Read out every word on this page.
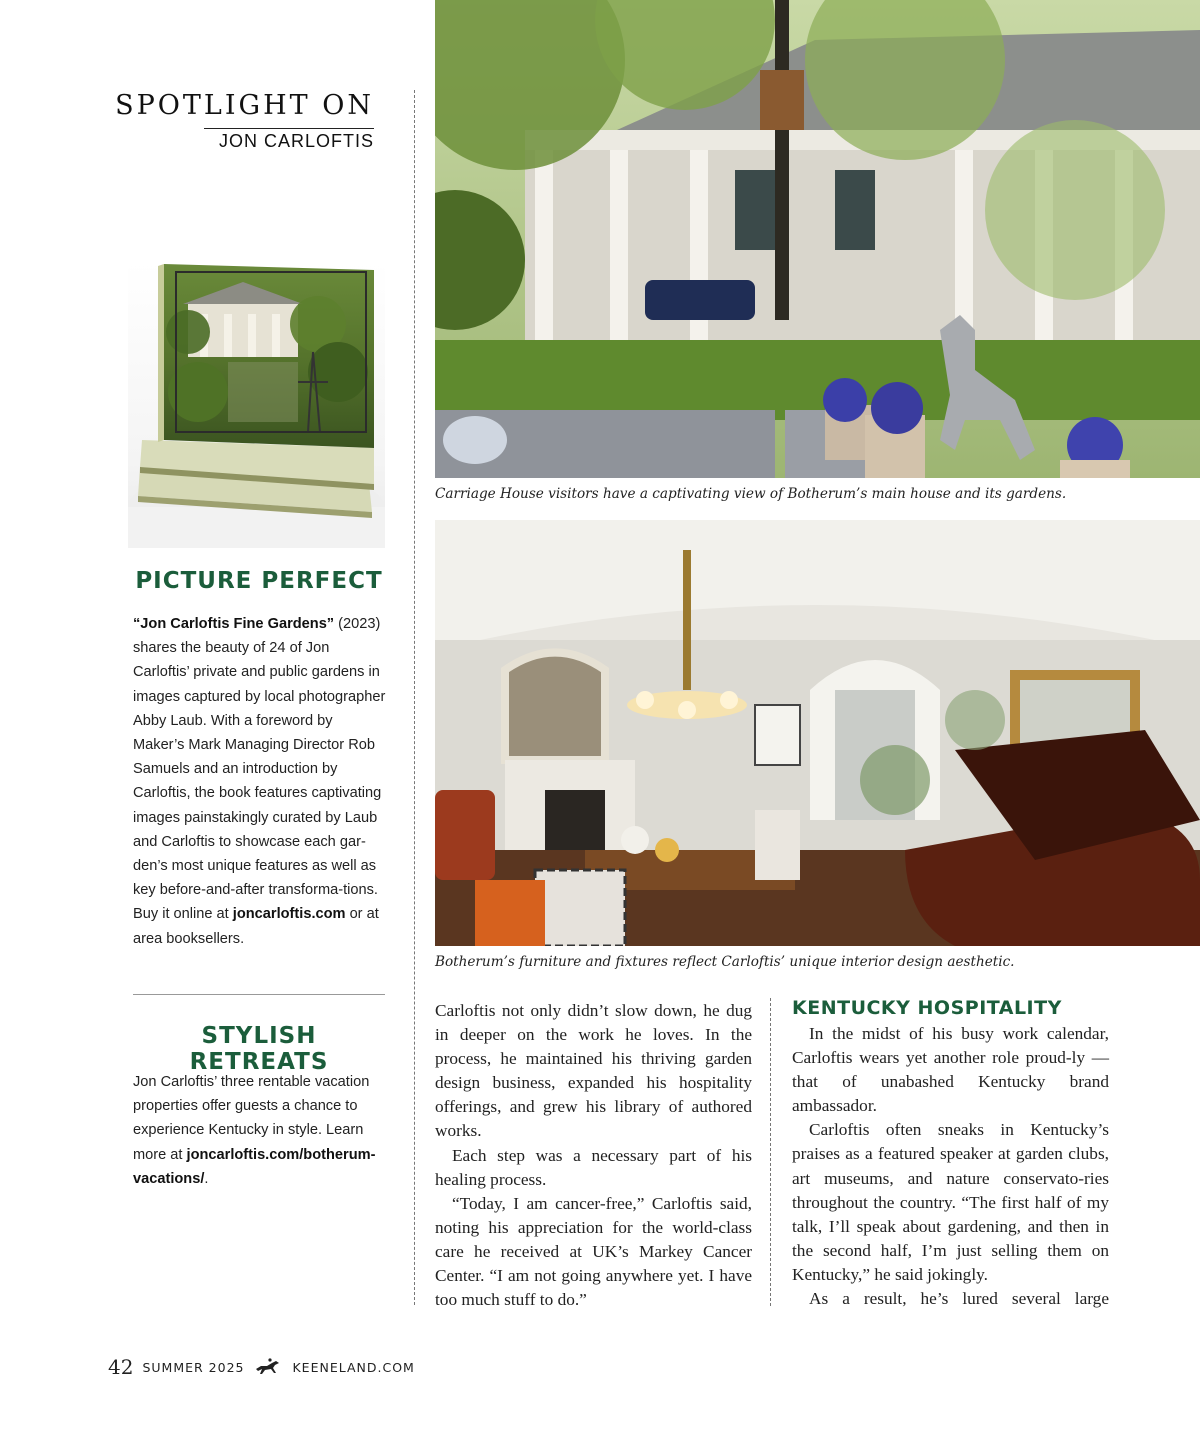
SPOTLIGHT ON
JON CARLOFTIS
PICTURE PERFECT
“Jon Carloftis Fine Gardens” (2023) shares the beauty of 24 of Jon Carloftis’ private and public gardens in images captured by local photographer Abby Laub. With a foreword by Maker’s Mark Managing Director Rob Samuels and an introduction by Carloftis, the book features captivating images painstakingly curated by Laub and Carloftis to showcase each gar-den’s most unique features as well as key before-and-after transforma-tions. Buy it online at joncarloftis.com or at area booksellers.
STYLISH RETREATS
Jon Carloftis’ three rentable vacation properties offer guests a chance to experience Kentucky in style. Learn more at joncarloftis.com/botherum-vacations/.
Carriage House visitors have a captivating view of Botherum’s main house and its gardens.
Botherum’s furniture and fixtures reflect Carloftis’ unique interior design aesthetic.

Carloftis not only didn’t slow down, he dug in deeper on the work he loves. In the process, he maintained his thriving garden design business, expanded his hospitality offerings, and grew his library of authored works.

Each step was a necessary part of his healing process.

“Today, I am cancer-free,” Carloftis said, noting his appreciation for the world-class care he received at UK’s Markey Cancer Center. “I am not going anywhere yet. I have too much stuff to do.”

KENTUCKY HOSPITALITY

In the midst of his busy work calendar, Carloftis wears yet another role proud-ly — that of unabashed Kentucky brand ambassador.

Carloftis often sneaks in Kentucky’s praises as a featured speaker at garden clubs, art museums, and nature conservato-ries throughout the country. “The first half of my talk, I’ll speak about gardening, and then in the second half, I’m just selling them on Kentucky,” he said jokingly.

As a result, he’s lured several large

42 SUMMER 2025	KEENELAND.COM
